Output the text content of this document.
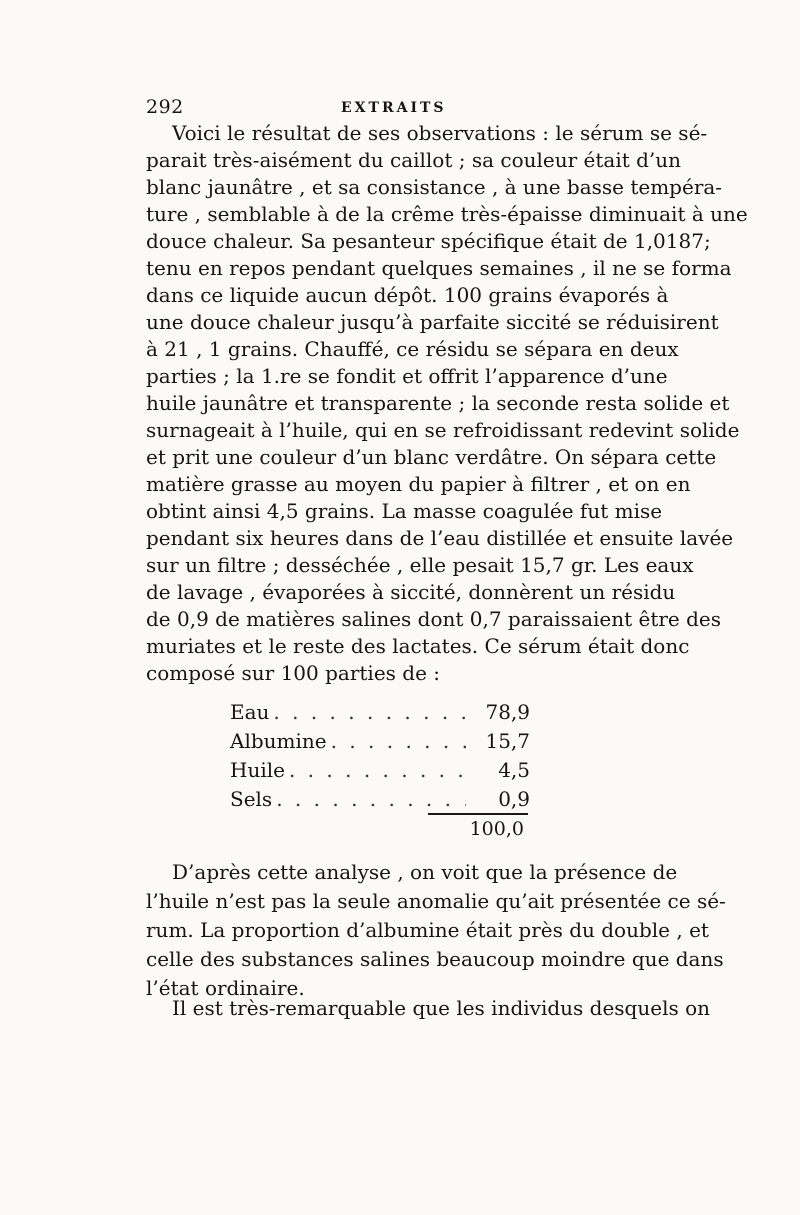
292	EXTRAITS
Voici le résultat de ses observations : le sérum se sé-
parait très-aisément du caillot ; sa couleur était d’un
blanc jaunâtre , et sa consistance , à une basse tempéra-
ture , semblable à de la crême très-épaisse diminuait à une
douce chaleur. Sa pesanteur spécifique était de 1,0187;
tenu en repos pendant quelques semaines , il ne se forma
dans ce liquide aucun dépôt. 100 grains évaporés à
une douce chaleur jusqu’à parfaite siccité se réduisirent
à 21 , 1 grains. Chauffé, ce résidu se sépara en deux
parties ; la 1.re se fondit et offrit l’apparence d’une
huile jaunâtre et transparente ; la seconde resta solide et
surnageait à l’huile, qui en se refroidissant redevint solide
et prit une couleur d’un blanc verdâtre. On sépara cette
matière grasse au moyen du papier à filtrer , et on en
obtint ainsi 4,5 grains. La masse coagulée fut mise
pendant six heures dans de l’eau distillée et ensuite lavée
sur un filtre ; desséchée , elle pesait 15,7 gr. Les eaux
de lavage , évaporées à siccité, donnèrent un résidu
de 0,9 de matières salines dont 0,7 paraissaient être des
muriates et le reste des lactates. Ce sérum était donc
composé sur 100 parties de :
Eau . . .	78,9
Albumine . . .	15,7
Huile . . .	4,5
Sels . . .	0,9
100,0
D’après cette analyse , on voit que la présence de
l’huile n’est pas la seule anomalie qu’ait présentée ce sé-
rum. La proportion d’albumine était près du double , et
celle des substances salines beaucoup moindre que dans
l’état ordinaire.
Il est très-remarquable que les individus desquels on
